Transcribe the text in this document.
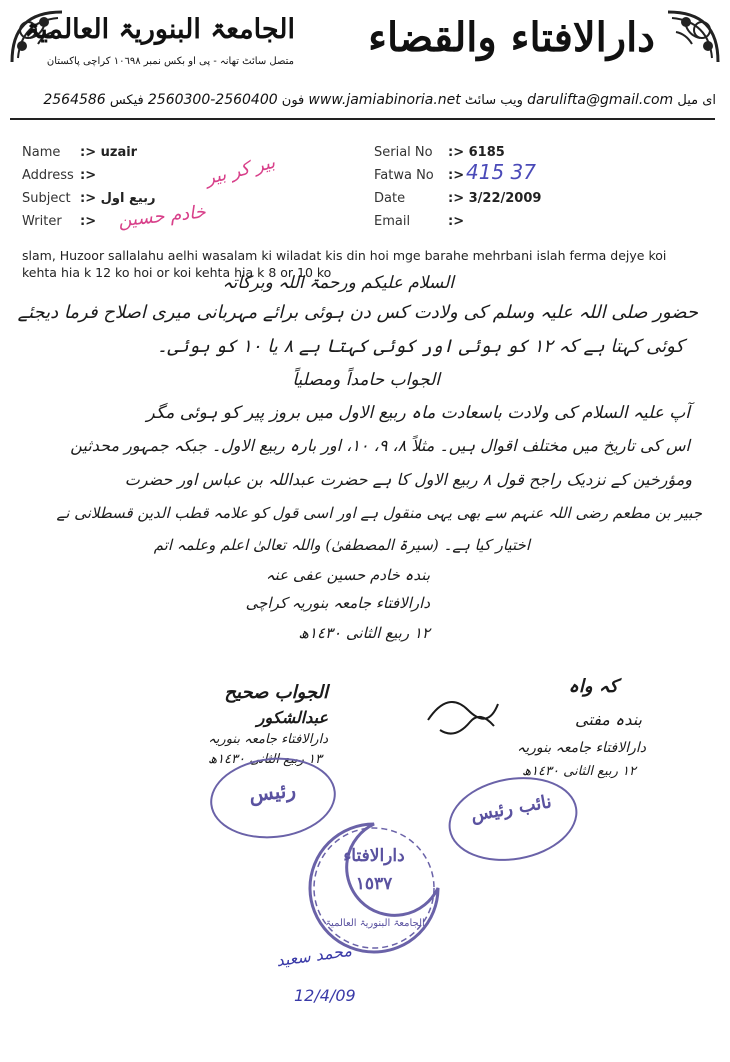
الجامعۃ البنوریۃ العالمیۃ
متصل سائٹ تھانہ - پی او بکس نمبر ١٠٦٩٨ کراچی پاکستان
دارالافتاء والقضاء
ای میل darulifta@gmail.com ویب سائٹ www.jamiabinoria.net فون 2560300-2560400 فیکس 2564586
Name :> uzair
Address :>
Subject :> ربیع اول
Writer :> خادم حسین
بیر کر بیر	Serial No :> 6185
Fatwa No :> 415 37
Date	:> 3/22/2009
Email	:>
slam, Huzoor sallalahu aelhi wasalam ki wiladat kis din hoi mge barahe mehrbani islah ferma dejye koi kehta hia k 12 ko hoi or koi kehta hia k 8 or 10 ko
السلام علیکم ورحمۃ اللہ وبرکاتہ
حضور صلی اللہ علیہ وسلم کی ولادت کس دن ہوئی برائے مہربانی میری اصلاح فرما دیجئے
کوئی کہتا ہے کہ ١٢ کو ہوئی اور کوئی کہتا ہے ٨ یا ١٠ کو ہوئی۔
الجواب حامداً ومصلیاً
آپ علیہ السلام کی ولادت باسعادت ماہ ربیع الاول میں بروز پیر کو ہوئی مگر
اس کی تاریخ میں مختلف اقوال ہیں۔ مثلاً ٨، ٩، ١٠، اور بارہ ربیع الاول۔ جبکہ جمہور محدثین
ومؤرخین کے نزدیک راجح قول ٨ ربیع الاول کا ہے حضرت عبداللہ بن عباس اور حضرت
جبیر بن مطعم رضی اللہ عنہم سے بھی یہی منقول ہے اور اسی قول کو علامہ قطب الدین قسطلانی نے
اختیار کیا ہے۔ (سیرۃ المصطفیٰ) واللہ تعالیٰ اعلم وعلمہ اتم
بندہ خادم حسین عفی عنہ
دارالافتاء جامعہ بنوریہ کراچی
١٢ ربیع الثانی ١٤٣٠ھ
الجواب صحیح
عبدالشکور
دارالافتاء جامعہ بنوریہ
١٣ ربیع الثانی ١٤٣٠ھ
کہ واہ
بندہ مفتی
دارالافتاء جامعہ بنوریہ
١٢ ربیع الثانی ١٤٣٠ھ
رئیس	نائب رئیس
دارالافتاء
١٥٣٧
الجامعۃ البنوریۃ العالمیۃ
محمد سعید
12/4/09
